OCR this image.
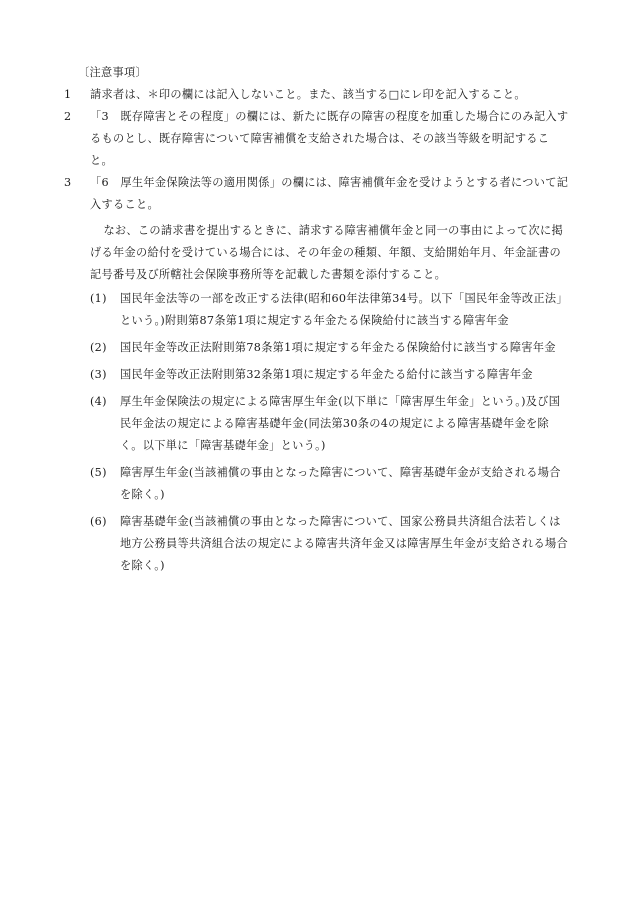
〔注意事項〕
1	請求者は、＊印の欄には記入しないこと。また、該当する□にレ印を記入すること。
2	「3　既存障害とその程度」の欄には、新たに既存の障害の程度を加重した場合にのみ記入するものとし、既存障害について障害補償を支給された場合は、その該当等級を明記すること。
3	「6　厚生年金保険法等の適用関係」の欄には、障害補償年金を受けようとする者について記入すること。
なお、この請求書を提出するときに、請求する障害補償年金と同一の事由によって次に掲げる年金の給付を受けている場合には、その年金の種類、年額、支給開始年月、年金証書の記号番号及び所轄社会保険事務所等を記載した書類を添付すること。
(1)	国民年金法等の一部を改正する法律(昭和60年法律第34号。以下「国民年金等改正法」という。)附則第87条第1項に規定する年金たる保険給付に該当する障害年金
(2)	国民年金等改正法附則第78条第1項に規定する年金たる保険給付に該当する障害年金
(3)	国民年金等改正法附則第32条第1項に規定する年金たる給付に該当する障害年金
(4)	厚生年金保険法の規定による障害厚生年金(以下単に「障害厚生年金」という。)及び国民年金法の規定による障害基礎年金(同法第30条の4の規定による障害基礎年金を除く。以下単に「障害基礎年金」という。)
(5)	障害厚生年金(当該補償の事由となった障害について、障害基礎年金が支給される場合を除く。)
(6)	障害基礎年金(当該補償の事由となった障害について、国家公務員共済組合法若しくは地方公務員等共済組合法の規定による障害共済年金又は障害厚生年金が支給される場合を除く。)
